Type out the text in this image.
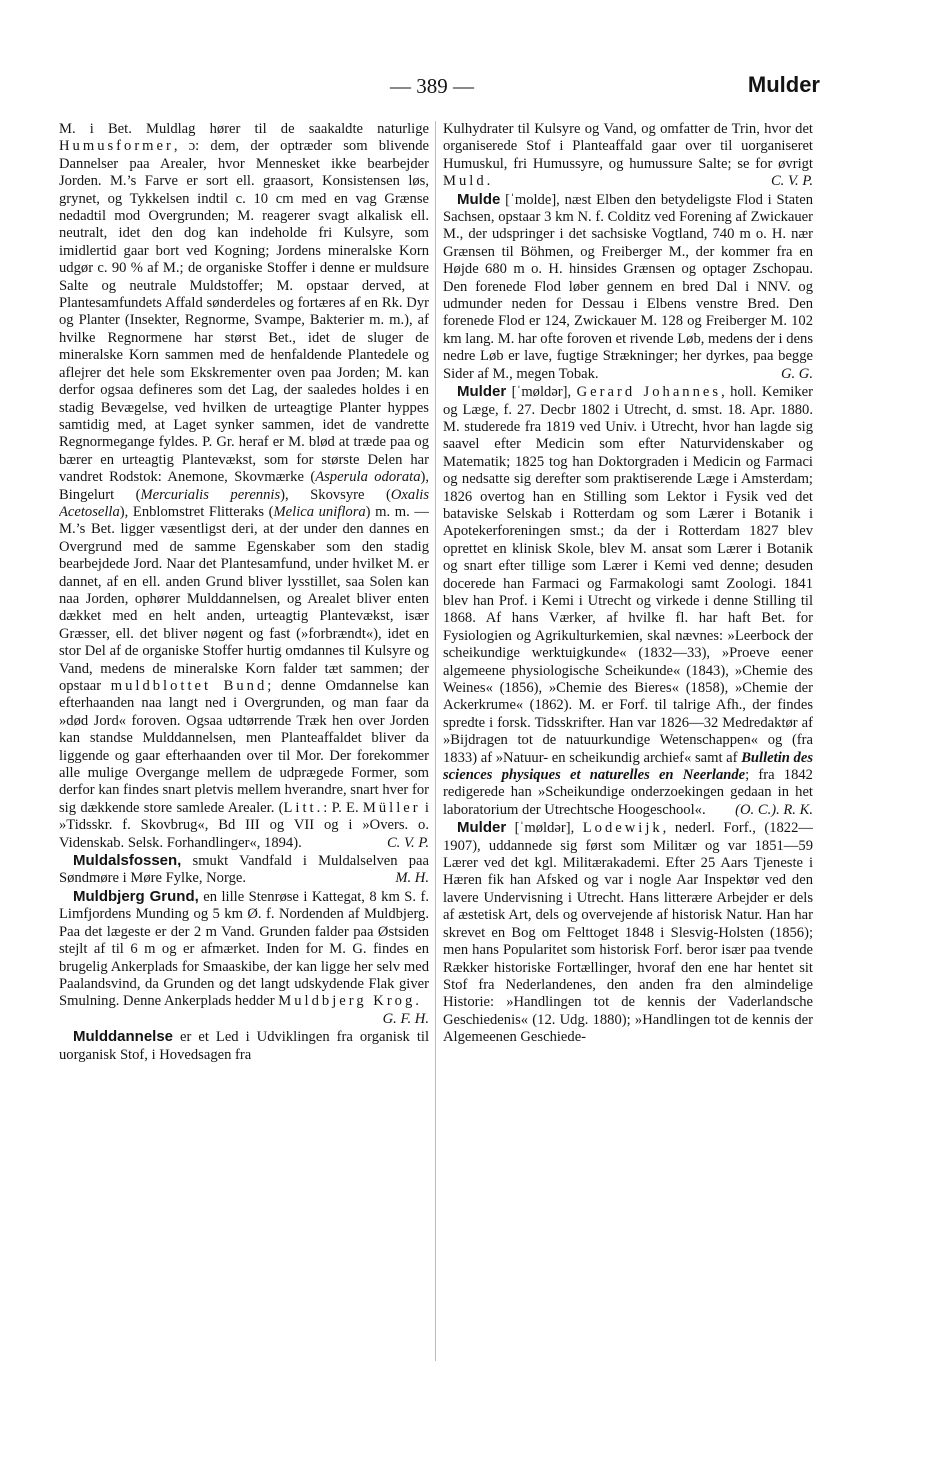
— 389 —	Mulder

M. i Bet. Muldlag hører til de saakaldte naturlige Humusformer, ɔ: dem, der optræder som blivende Dannelser paa Arealer, hvor Mennesket ikke bearbejder Jorden. M.’s Farve er sort ell. graasort, Konsistensen løs, grynet, og Tykkelsen indtil c. 10 cm med en vag Grænse nedadtil mod Overgrunden; M. reagerer svagt alkalisk ell. neutralt, idet den dog kan indeholde fri Kulsyre, som imidlertid gaar bort ved Kogning; Jordens mineralske Korn udgør c. 90 % af M.; de organiske Stoffer i denne er muldsure Salte og neutrale Muldstoffer; M. opstaar derved, at Plantesamfundets Affald sønderdeles og fortæres af en Rk. Dyr og Planter (Insekter, Regnorme, Svampe, Bakterier m. m.), af hvilke Regnormene har størst Bet., idet de sluger de mineralske Korn sammen med de henfaldende Plantedele og aflejrer det hele som Ekskrementer oven paa Jorden; M. kan derfor ogsaa defineres som det Lag, der saaledes holdes i en stadig Bevægelse, ved hvilken de urteagtige Planter hyppes samtidig med, at Laget synker sammen, idet de vandrette Regnormegange fyldes. P. Gr. heraf er M. blød at træde paa og bærer en urteagtig Plantevækst, som for største Delen har vandret Rodstok: Anemone, Skovmærke (Asperula odorata), Bingelurt (Mercurialis perennis), Skovsyre (Oxalis Acetosella), Enblomstret Flitteraks (Melica uniflora) m. m. — M.’s Bet. ligger væsentligst deri, at der under den dannes en Overgrund med de samme Egenskaber som den stadig bearbejdede Jord. Naar det Plantesamfund, under hvilket M. er dannet, af en ell. anden Grund bliver lysstillet, saa Solen kan naa Jorden, ophører Mulddannelsen, og Arealet bliver enten dækket med en helt anden, urteagtig Plantevækst, især Græsser, ell. det bliver nøgent og fast (»forbrændt«), idet en stor Del af de organiske Stoffer hurtig omdannes til Kulsyre og Vand, medens de mineralske Korn falder tæt sammen; der opstaar muldblottet Bund; denne Omdannelse kan efterhaanden naa langt ned i Overgrunden, og man faar da »død Jord« foroven. Ogsaa udtørrende Træk hen over Jorden kan standse Mulddannelsen, men Planteaffaldet bliver da liggende og gaar efterhaanden over til Mor. Der forekommer alle mulige Overgange mellem de udprægede Former, som derfor kan findes snart pletvis mellem hverandre, snart hver for sig dækkende store samlede Arealer. (Litt.: P. E. Müller i »Tidsskr. f. Skovbrug«, Bd III og VII og i »Overs. o. Videnskab. Selsk. Forhandlinger«, 1894).	C. V. P.

Muldalsfossen, smukt Vandfald i Muldalselven paa Søndmøre i Møre Fylke, Norge.	M. H.

Muldbjerg Grund, en lille Stenrøse i Kattegat, 8 km S. f. Limfjordens Munding og 5 km Ø. f. Nordenden af Muldbjerg. Paa det lægeste er der 2 m Vand. Grunden falder paa Østsiden stejlt af til 6 m og er afmærket. Inden for M. G. findes en brugelig Ankerplads for Smaaskibe, der kan ligge her selv med Paalandsvind, da Grunden og det langt udskydende Flak giver Smulning. Denne Ankerplads hedder Muldbjerg Krog.
G. F. H.

Mulddannelse er et Led i Udviklingen fra organisk til uorganisk Stof, i Hovedsagen fra

Kulhydrater til Kulsyre og Vand, og omfatter de Trin, hvor det organiserede Stof i Planteaffald gaar over til uorganiseret Humuskul, fri Humussyre, og humussure Salte; se for øvrigt Muld.	C. V. P.

Mulde [ˈmolde], næst Elben den betydeligste Flod i Staten Sachsen, opstaar 3 km N. f. Colditz ved Forening af Zwickauer M., der udspringer i det sachsiske Vogtland, 740 m o. H. nær Grænsen til Böhmen, og Freiberger M., der kommer fra en Højde 680 m o. H. hinsides Grænsen og optager Zschopau. Den forenede Flod løber gennem en bred Dal i NNV. og udmunder neden for Dessau i Elbens venstre Bred. Den forenede Flod er 124, Zwickauer M. 128 og Freiberger M. 102 km lang. M. har ofte foroven et rivende Løb, medens der i dens nedre Løb er lave, fugtige Strækninger; her dyrkes, paa begge Sider af M., megen Tobak.	G. G.

Mulder [ˈmøldər], Gerard Johannes, holl. Kemiker og Læge, f. 27. Decbr 1802 i Utrecht, d. smst. 18. Apr. 1880. M. studerede fra 1819 ved Univ. i Utrecht, hvor han lagde sig saavel efter Medicin som efter Naturvidenskaber og Matematik; 1825 tog han Doktorgraden i Medicin og Farmaci og nedsatte sig derefter som praktiserende Læge i Amsterdam; 1826 overtog han en Stilling som Lektor i Fysik ved det bataviske Selskab i Rotterdam og som Lærer i Botanik i Apotekerforeningen smst.; da der i Rotterdam 1827 blev oprettet en klinisk Skole, blev M. ansat som Lærer i Botanik og snart efter tillige som Lærer i Kemi ved denne; desuden docerede han Farmaci og Farmakologi samt Zoologi. 1841 blev han Prof. i Kemi i Utrecht og virkede i denne Stilling til 1868. Af hans Værker, af hvilke fl. har haft Bet. for Fysiologien og Agrikulturkemien, skal nævnes: »Leerbock der scheikundige werktuigkunde« (1832—33), »Proeve eener algemeene physiologische Scheikunde« (1843), »Chemie des Weines« (1856), »Chemie des Bieres« (1858), »Chemie der Ackerkrume« (1862). M. er Forf. til talrige Afh., der findes spredte i forsk. Tidsskrifter. Han var 1826—32 Medredaktør af »Bijdragen tot de natuurkundige Wetenschappen« og (fra 1833) af »Natuur- en scheikundig archief« samt af Bulletin des sciences physiques et naturelles en Neerlande; fra 1842 redigerede han »Scheikundige onderzoekingen gedaan in het laboratorium der Utrechtsche Hoogeschool«.	(O. C.). R. K.

Mulder [ˈmøldər], Lodewijk, nederl. Forf., (1822—1907), uddannede sig først som Militær og var 1851—59 Lærer ved det kgl. Militærakademi. Efter 25 Aars Tjeneste i Hæren fik han Afsked og var i nogle Aar Inspektør ved den lavere Undervisning i Utrecht. Hans litterære Arbejder er dels af æstetisk Art, dels og overvejende af historisk Natur. Han har skrevet en Bog om Felttoget 1848 i Slesvig-Holsten (1856); men hans Popularitet som historisk Forf. beror især paa tvende Rækker historiske Fortællinger, hvoraf den ene har hentet sit Stof fra Nederlandenes, den anden fra den almindelige Historie: »Handlingen tot de kennis der Vaderlandsche Geschiedenis« (12. Udg. 1880); »Handlingen tot de kennis der Algemeenen Geschiede-
